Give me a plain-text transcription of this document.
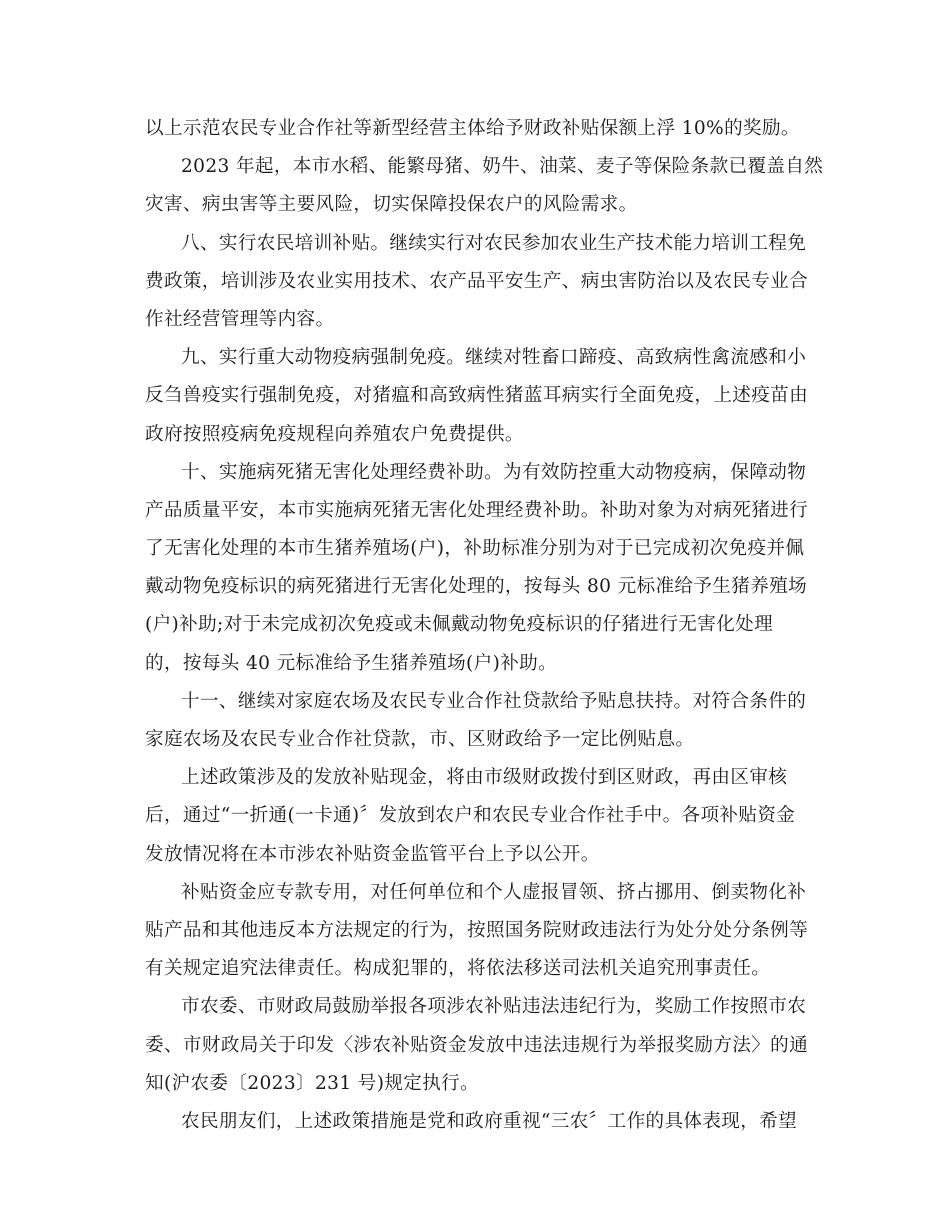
以上示范农民专业合作社等新型经营主体给予财政补贴保额上浮 10%的奖励。
2023 年起，本市水稻、能繁母猪、奶牛、油菜、麦子等保险条款已覆盖自然
灾害、病虫害等主要风险，切实保障投保农户的风险需求。
八、实行农民培训补贴。继续实行对农民参加农业生产技术能力培训工程免
费政策，培训涉及农业实用技术、农产品平安生产、病虫害防治以及农民专业合
作社经营管理等内容。
九、实行重大动物疫病强制免疫。继续对牲畜口蹄疫、高致病性禽流感和小
反刍兽疫实行强制免疫，对猪瘟和高致病性猪蓝耳病实行全面免疫，上述疫苗由
政府按照疫病免疫规程向养殖农户免费提供。
十、实施病死猪无害化处理经费补助。为有效防控重大动物疫病，保障动物
产品质量平安，本市实施病死猪无害化处理经费补助。补助对象为对病死猪进行
了无害化处理的本市生猪养殖场(户)，补助标准分别为对于已完成初次免疫并佩
戴动物免疫标识的病死猪进行无害化处理的，按每头 80 元标准给予生猪养殖场
(户)补助;对于未完成初次免疫或未佩戴动物免疫标识的仔猪进行无害化处理
的，按每头 40 元标准给予生猪养殖场(户)补助。
十一、继续对家庭农场及农民专业合作社贷款给予贴息扶持。对符合条件的
家庭农场及农民专业合作社贷款，市、区财政给予一定比例贴息。
上述政策涉及的发放补贴现金，将由市级财政拨付到区财政，再由区审核
后，通过“一折通(一卡通)〞发放到农户和农民专业合作社手中。各项补贴资金
发放情况将在本市涉农补贴资金监管平台上予以公开。
补贴资金应专款专用，对任何单位和个人虚报冒领、挤占挪用、倒卖物化补
贴产品和其他违反本方法规定的行为，按照国务院财政违法行为处分处分条例等
有关规定追究法律责任。构成犯罪的，将依法移送司法机关追究刑事责任。
市农委、市财政局鼓励举报各项涉农补贴违法违纪行为，奖励工作按照市农
委、市财政局关于印发〈涉农补贴资金发放中违法违规行为举报奖励方法〉的通
知(沪农委〔2023〕231 号)规定执行。
农民朋友们，上述政策措施是党和政府重视“三农〞工作的具体表现，希望
